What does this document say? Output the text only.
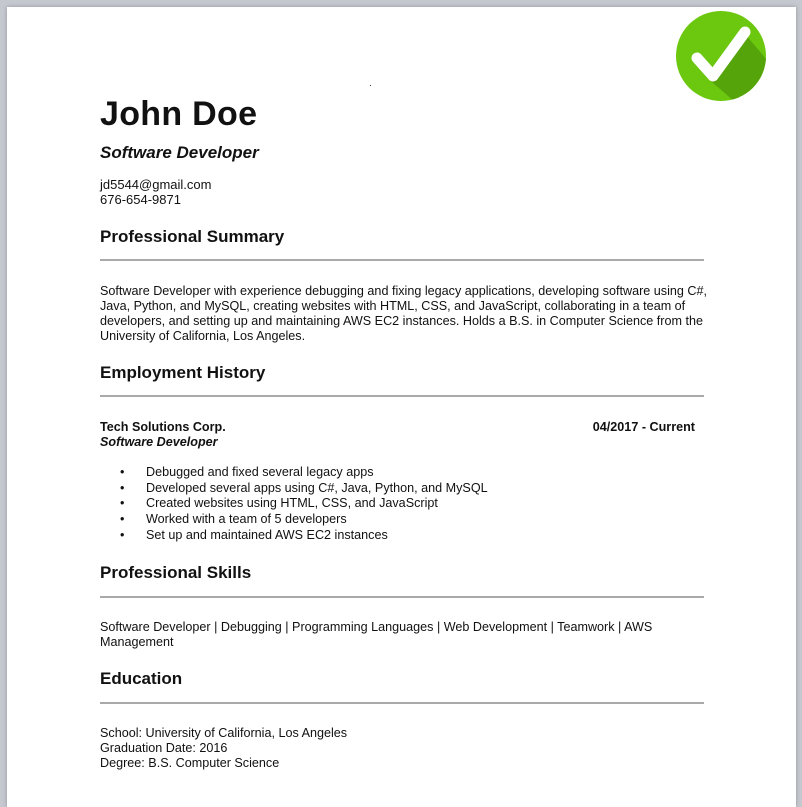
John Doe
Software Developer
jd5544@gmail.com
676-654-9871
Professional Summary
Software Developer with experience debugging and fixing legacy applications, developing software using C#, Java, Python, and MySQL, creating websites with HTML, CSS, and JavaScript, collaborating in a team of developers, and setting up and maintaining AWS EC2 instances. Holds a B.S. in Computer Science from the University of California, Los Angeles.
Employment History
Tech Solutions Corp.	04/2017 - Current
Software Developer
• Debugged and fixed several legacy apps
• Developed several apps using C#, Java, Python, and MySQL
• Created websites using HTML, CSS, and JavaScript
• Worked with a team of 5 developers
• Set up and maintained AWS EC2 instances
Professional Skills
Software Developer | Debugging | Programming Languages | Web Development | Teamwork | AWS Management
Education
School: University of California, Los Angeles
Graduation Date: 2016
Degree: B.S. Computer Science
